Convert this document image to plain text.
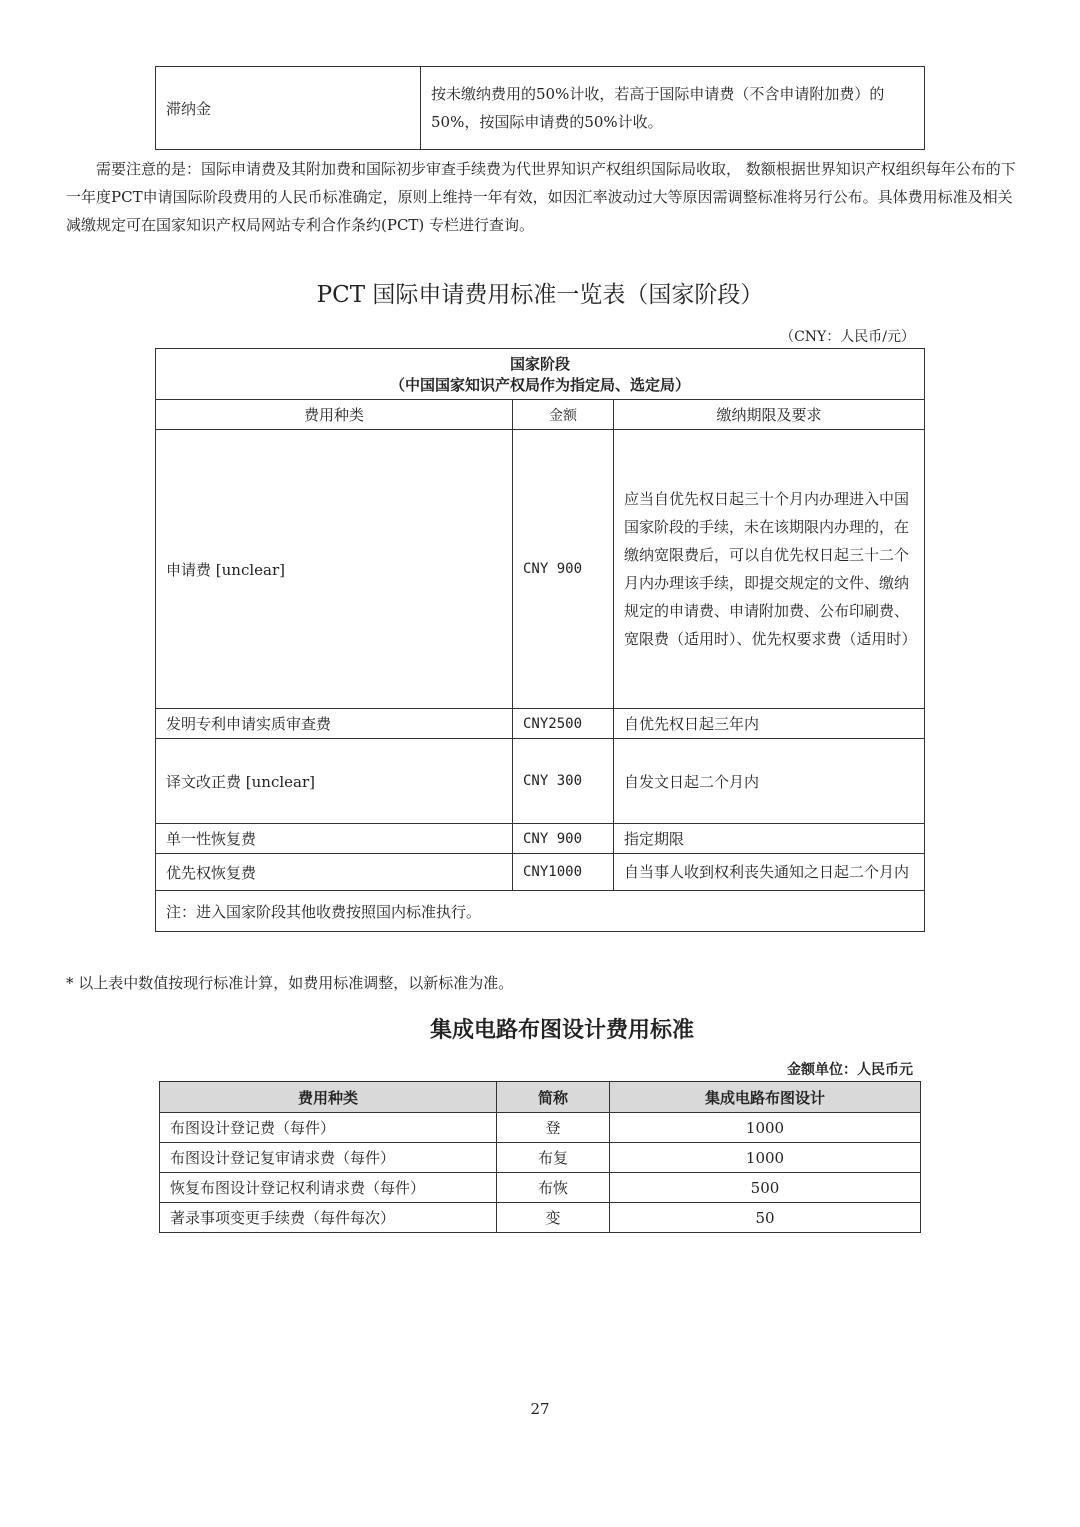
滞纳金	按未缴纳费用的50%计收，若高于国际申请费（不含申请附加费）的50%，按国际申请费的50%计收。

需要注意的是：国际申请费及其附加费和国际初步审查手续费为代世界知识产权组织国际局收取， 数额根据世界知识产权组织每年公布的下一年度PCT申请国际阶段费用的人民币标准确定，原则上维持一年有效，如因汇率波动过大等原因需调整标准将另行公布。具体费用标准及相关减缴规定可在国家知识产权局网站专利合作条约(PCT) 专栏进行查询。

PCT 国际申请费用标准一览表（国家阶段）
（CNY：人民币/元）
国家阶段
（中国国家知识产权局作为指定局、选定局）		
费用种类	金额	缴纳期限及要求
申请费 [unclear]	CNY 900	应当自优先权日起三十个月内办理进入中国国家阶段的手续，未在该期限内办理的，在缴纳宽限费后，可以自优先权日起三十二个月内办理该手续，即提交规定的文件、缴纳规定的申请费、申请附加费、公布印刷费、宽限费（适用时）、优先权要求费（适用时）
发明专利申请实质审查费	CNY2500	自优先权日起三年内
译文改正费 [unclear]	CNY 300	自发文日起二个月内
单一性恢复费	CNY 900	指定期限
优先权恢复费	CNY1000	自当事人收到权利丧失通知之日起二个月内
注：进入国家阶段其他收费按照国内标准执行。		

* 以上表中数值按现行标准计算，如费用标准调整，以新标准为准。

集成电路布图设计费用标准
金额单位：人民币元
费用种类	简称	集成电路布图设计
布图设计登记费（每件）	登	1000
布图设计登记复审请求费（每件）	布复	1000
恢复布图设计登记权利请求费（每件）	布恢	500
著录事项变更手续费（每件每次）	变	50
27
